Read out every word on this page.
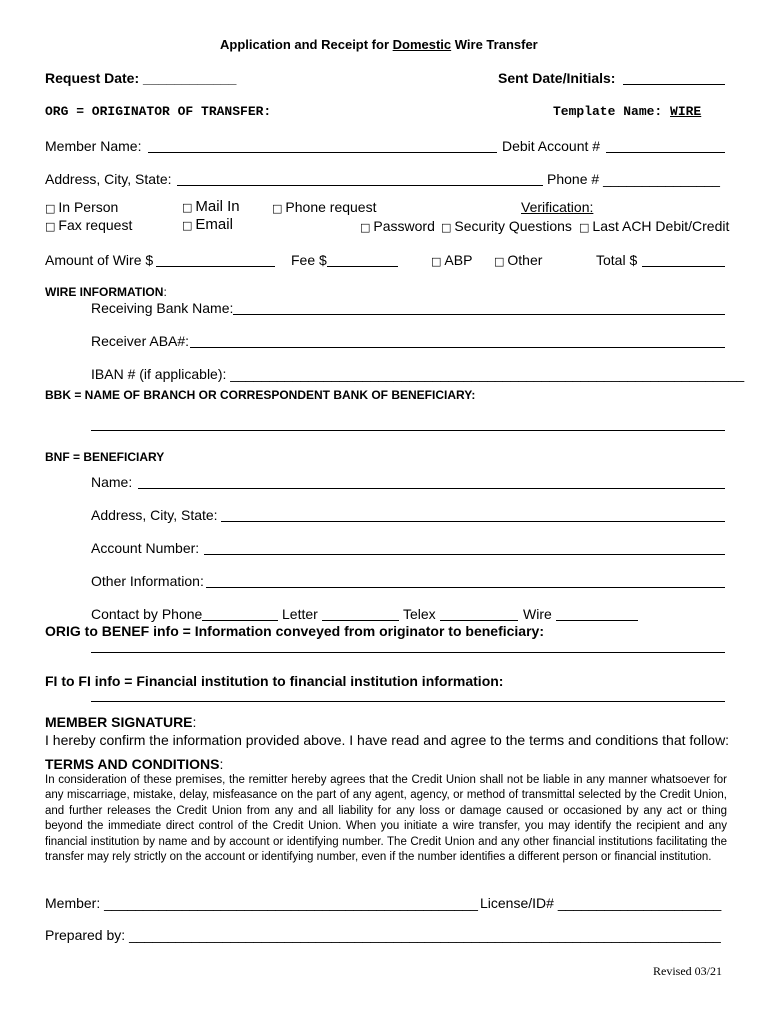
Application and Receipt for Domestic Wire Transfer
Request Date: ____________	Sent Date/Initials:
ORG = ORIGINATOR OF TRANSFER:	Template Name: WIRE
Member Name:	Debit Account #
Address, City, State:	Phone # _______________
□ In Person
□ Fax request
□ Mail In
□ Email
□ Phone request	Verification:
□ Password □ Security Questions □ Last ACH Debit/Credit
Amount of Wire $	Fee $	□ ABP □ Other	Total $
WIRE INFORMATION:
Receiving Bank Name:
Receiver ABA#:
IBAN # (if applicable): __________________________________________________________________
BBK = NAME OF BRANCH OR CORRESPONDENT BANK OF BENEFICIARY:
BNF = BENEFICIARY
Name:
Address, City, State:
Account Number:
Other Information:
Contact by Phone	Letter	Telex	Wire
ORIG to BENEF info = Information conveyed from originator to beneficiary:
FI to FI info = Financial institution to financial institution information:
MEMBER SIGNATURE:
I hereby confirm the information provided above. I have read and agree to the terms and conditions that follow:
TERMS AND CONDITIONS:
In consideration of these premises, the remitter hereby agrees that the Credit Union shall not be liable in any manner whatsoever for any miscarriage, mistake, delay, misfeasance on the part of any agent, agency, or method of transmittal selected by the Credit Union, and further releases the Credit Union from any and all liability for any loss or damage caused or occasioned by any act or thing beyond the immediate direct control of the Credit Union. When you initiate a wire transfer, you may identify the recipient and any financial institution by name and by account or identifying number. The Credit Union and any other financial institutions facilitating the transfer may rely strictly on the account or identifying number, even if the number identifies a different person or financial institution.
Member: ________________________________________________ License/ID# _____________________
Prepared by: ____________________________________________________________________________
Revised 03/21
